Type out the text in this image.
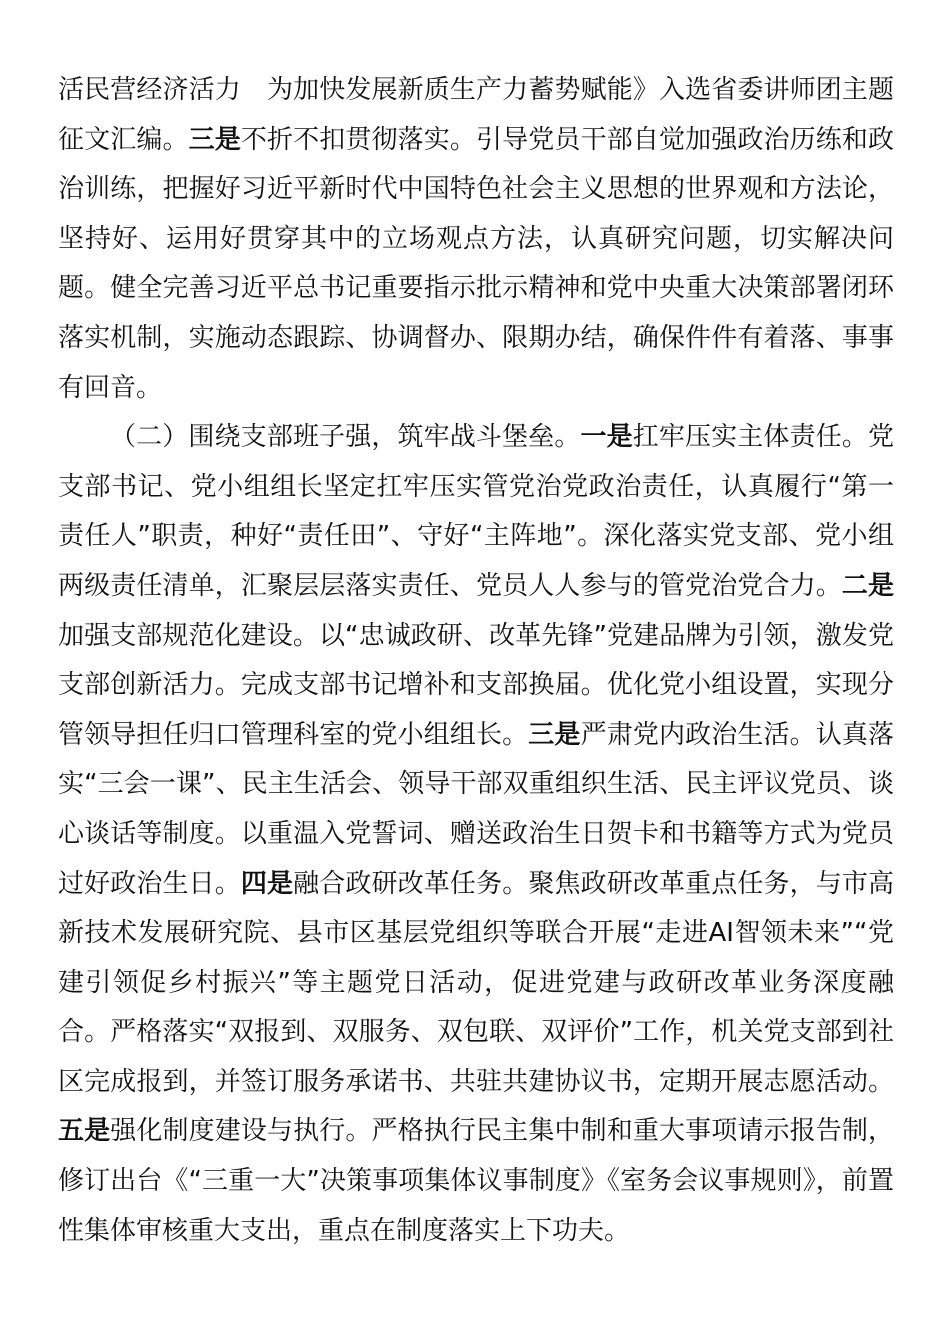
活民营经济活力　为加快发展新质生产力蓄势赋能》入选省委讲师团主题征文汇编。三是不折不扣贯彻落实。引导党员干部自觉加强政治历练和政治训练，把握好习近平新时代中国特色社会主义思想的世界观和方法论，坚持好、运用好贯穿其中的立场观点方法，认真研究问题，切实解决问题。健全完善习近平总书记重要指示批示精神和党中央重大决策部署闭环落实机制，实施动态跟踪、协调督办、限期办结，确保件件有着落、事事有回音。

（二）围绕支部班子强，筑牢战斗堡垒。一是扛牢压实主体责任。党支部书记、党小组组长坚定扛牢压实管党治党政治责任，认真履行“第一责任人”职责，种好“责任田”、守好“主阵地”。深化落实党支部、党小组两级责任清单，汇聚层层落实责任、党员人人参与的管党治党合力。二是加强支部规范化建设。以“忠诚政研、改革先锋”党建品牌为引领，激发党支部创新活力。完成支部书记增补和支部换届。优化党小组设置，实现分管领导担任归口管理科室的党小组组长。三是严肃党内政治生活。认真落实“三会一课”、民主生活会、领导干部双重组织生活、民主评议党员、谈心谈话等制度。以重温入党誓词、赠送政治生日贺卡和书籍等方式为党员过好政治生日。四是融合政研改革任务。聚焦政研改革重点任务，与市高新技术发展研究院、县市区基层党组织等联合开展“走进AI智领未来”“党建引领促乡村振兴”等主题党日活动，促进党建与政研改革业务深度融合。严格落实“双报到、双服务、双包联、双评价”工作，机关党支部到社区完成报到，并签订服务承诺书、共驻共建协议书，定期开展志愿活动。五是强化制度建设与执行。严格执行民主集中制和重大事项请示报告制，修订出台《“三重一大”决策事项集体议事制度》《室务会议事规则》，前置性集体审核重大支出，重点在制度落实上下功夫。
